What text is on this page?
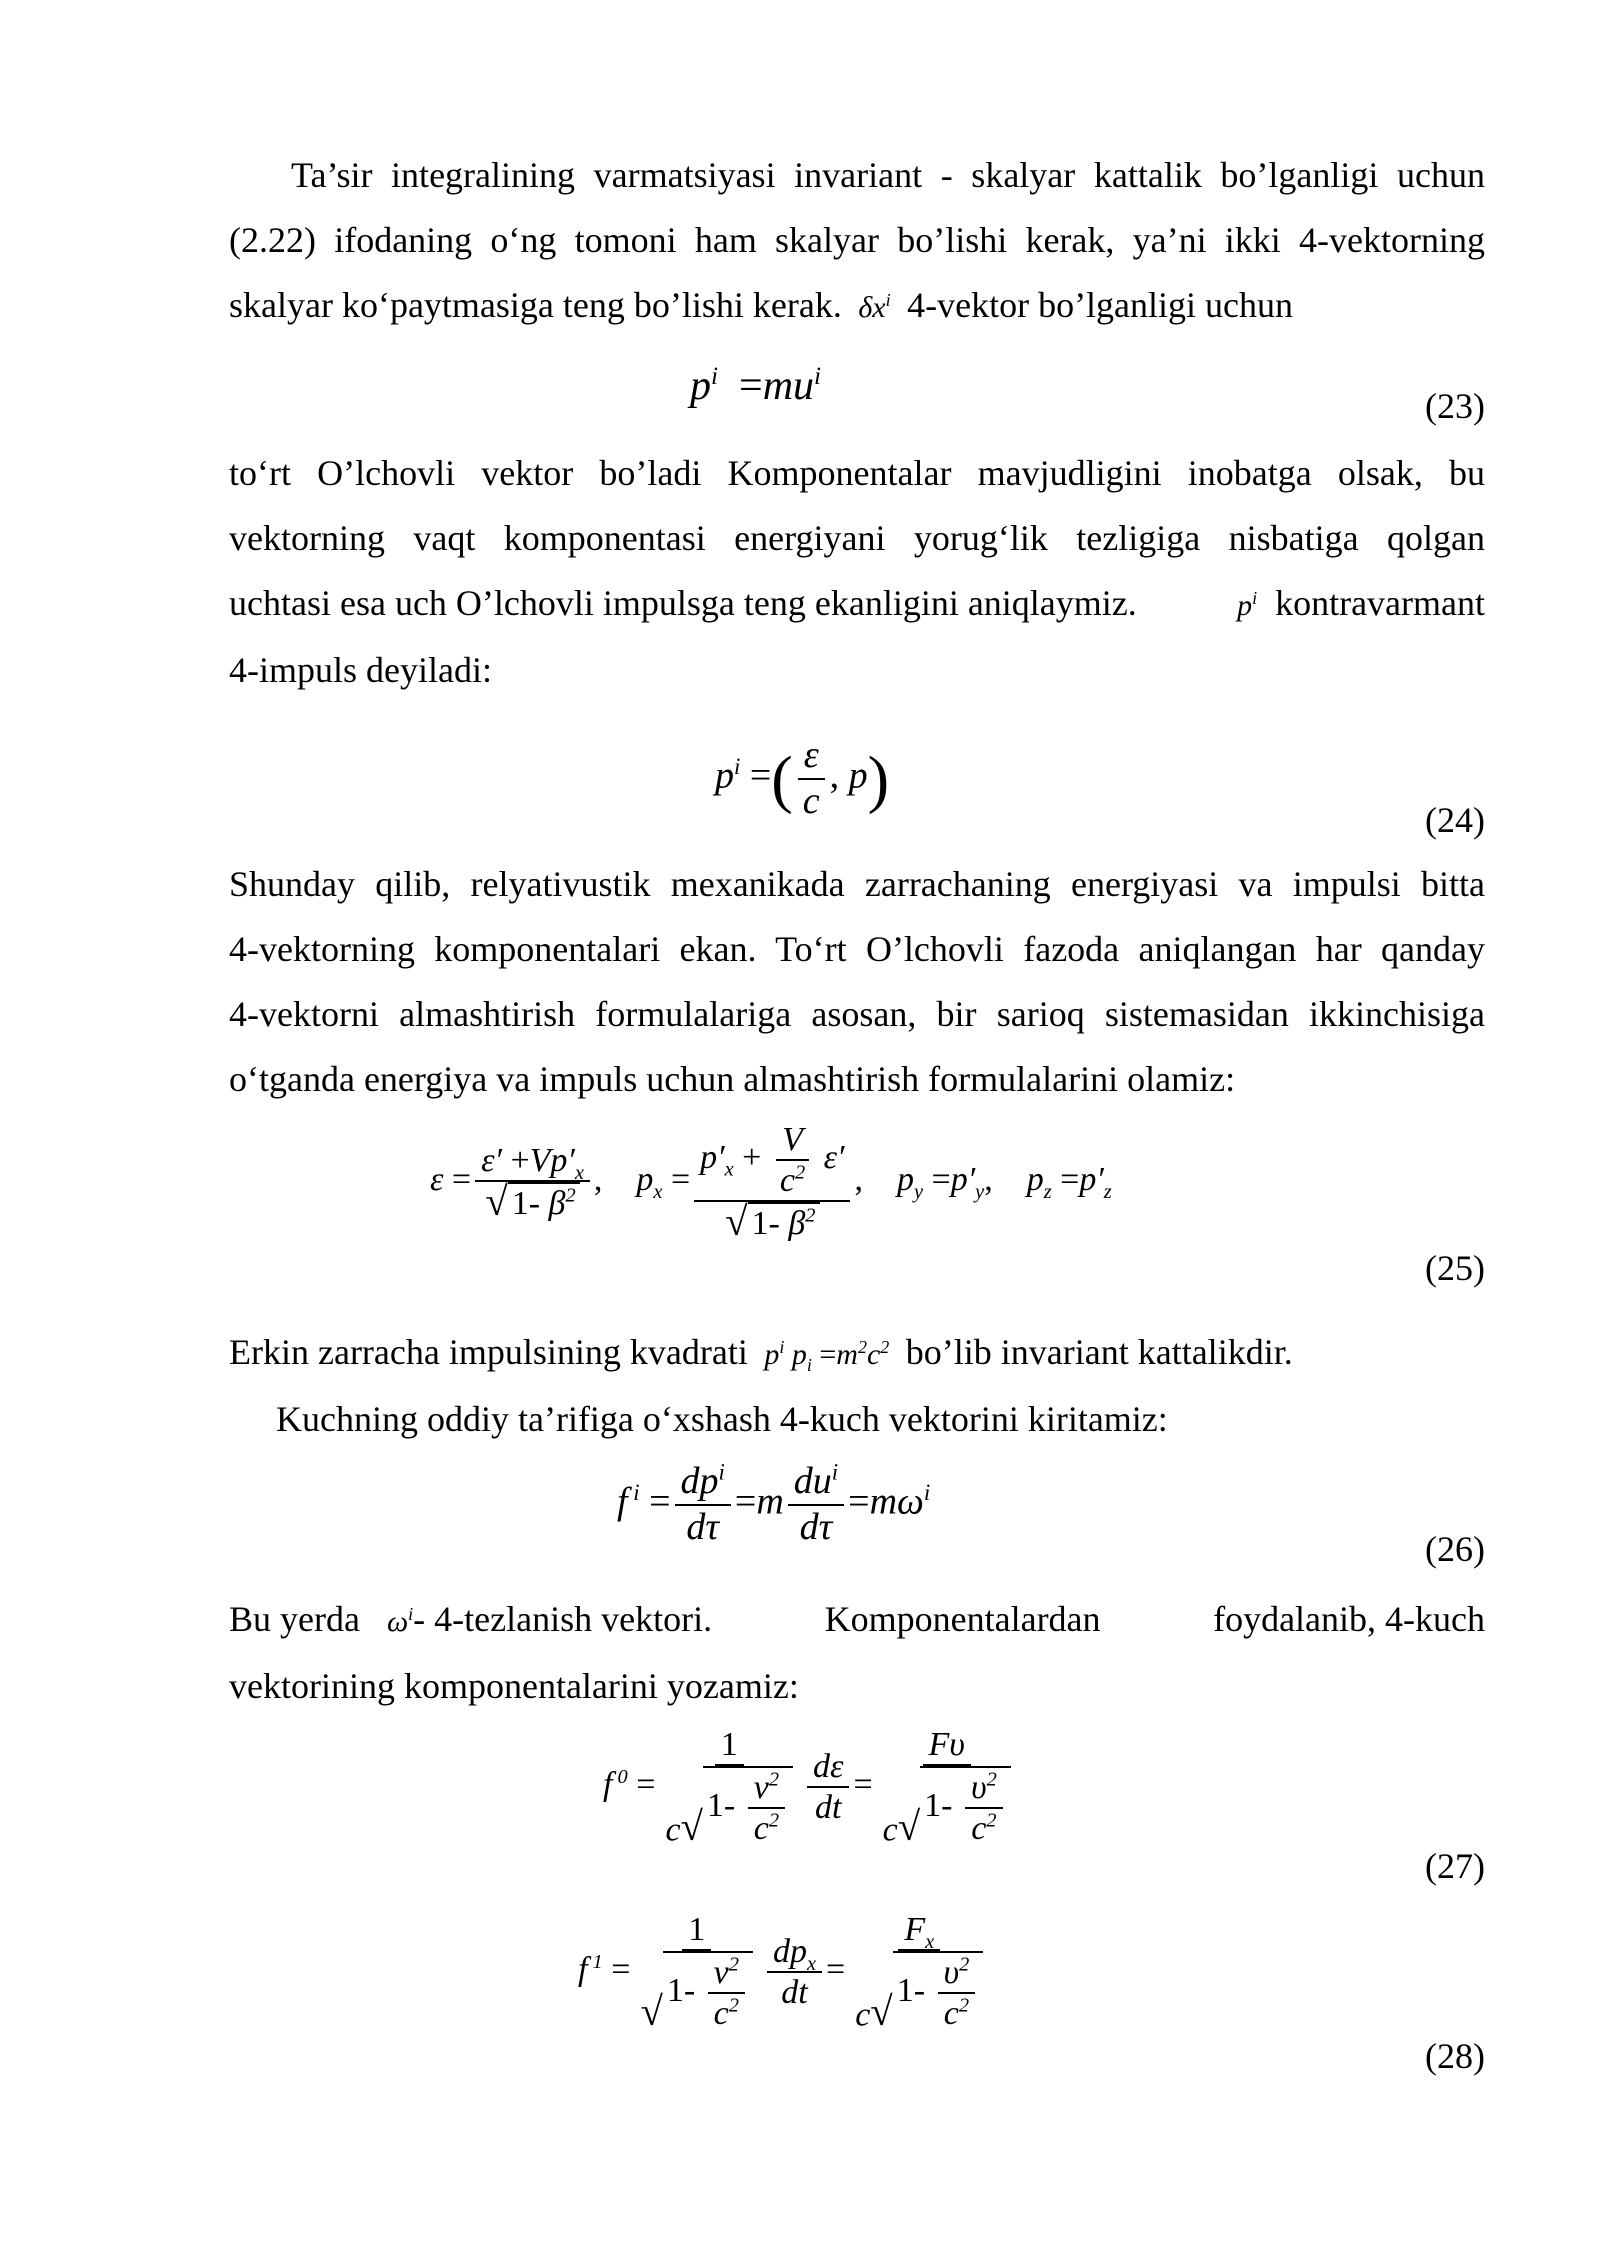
Ta’sir integralining varmatsiyasi invariant - skalyar kattalik bo’lganligi uchun
(2.22) ifodaning o‘ng tomoni ham skalyar bo’lishi kerak, ya’ni ikki 4-vektorning
skalyar ko‘paytmasiga teng bo’lishi kerak.  $\delta x^i$ 4-vektor bo’lganligi uchun
$p^i =mu^i$
(23)
to‘rt O’lchovli vektor bo’ladi Komponentalar mavjudligini inobatga olsak, bu
vektorning vaqt komponentasi energiyani yorug‘lik tezligiga nisbatiga qolgan
uchtasi esa uch O’lchovli impulsga teng ekanligini aniqlaymiz.	$p^i$ kontravarmant
4-impuls deyiladi:
$p^i$ =( $\frac{\varepsilon}{c}$ , p)
(24)
Shunday qilib, relyativustik mexanikada zarrachaning energiyasi va impulsi bitta
4-vektorning komponentalari ekan. To‘rt O’lchovli fazoda aniqlangan har qanday
4-vektorni almashtirish formulalariga asosan, bir sarioq sistemasidan ikkinchisiga
o‘tganda energiya va impuls uchun almashtirish formulalarini olamiz:
$\varepsilon = \frac{\varepsilon' +Vp'_x}{√ 1- \beta^2}$ ,    $p_x = \frac{p'_x + \frac{V}{c^2} \varepsilon'}{√ 1- \beta^2}$ ,    $p_y =p'_y$,    $p_z =p'_z$
(25)
Erkin zarracha impulsining kvadrati  $p^i$ $p_i =m^2c^2$ bo’lib invariant kattalikdir.
Kuchning oddiy ta’rifiga o‘xshash 4-kuch vektorini kiritamiz:
f $^i = \frac{dp^i}{d\tau} =m \frac{du^i}{d\tau} =m\omega^i$
(26)
Bu yerda $\omega^i-$ 4-tezlanish vektori.	Komponentalardan	foydalanib, 4-kuch
vektorining komponentalarini yozamiz:
f $^0 = \frac{1}{c √ 1- \frac{v^2}{c^2}} \frac{d\varepsilon}{dt} = \frac{F\upsilon}{c √ 1- \frac{\upsilon^2}{c^2}}$
(27)
f $^1 = \frac{1}{√ 1- \frac{v^2}{c^2}} \frac{dp_x}{dt} = \frac{F_x}{c √ 1- \frac{\upsilon^2}{c^2}}$
(28)
